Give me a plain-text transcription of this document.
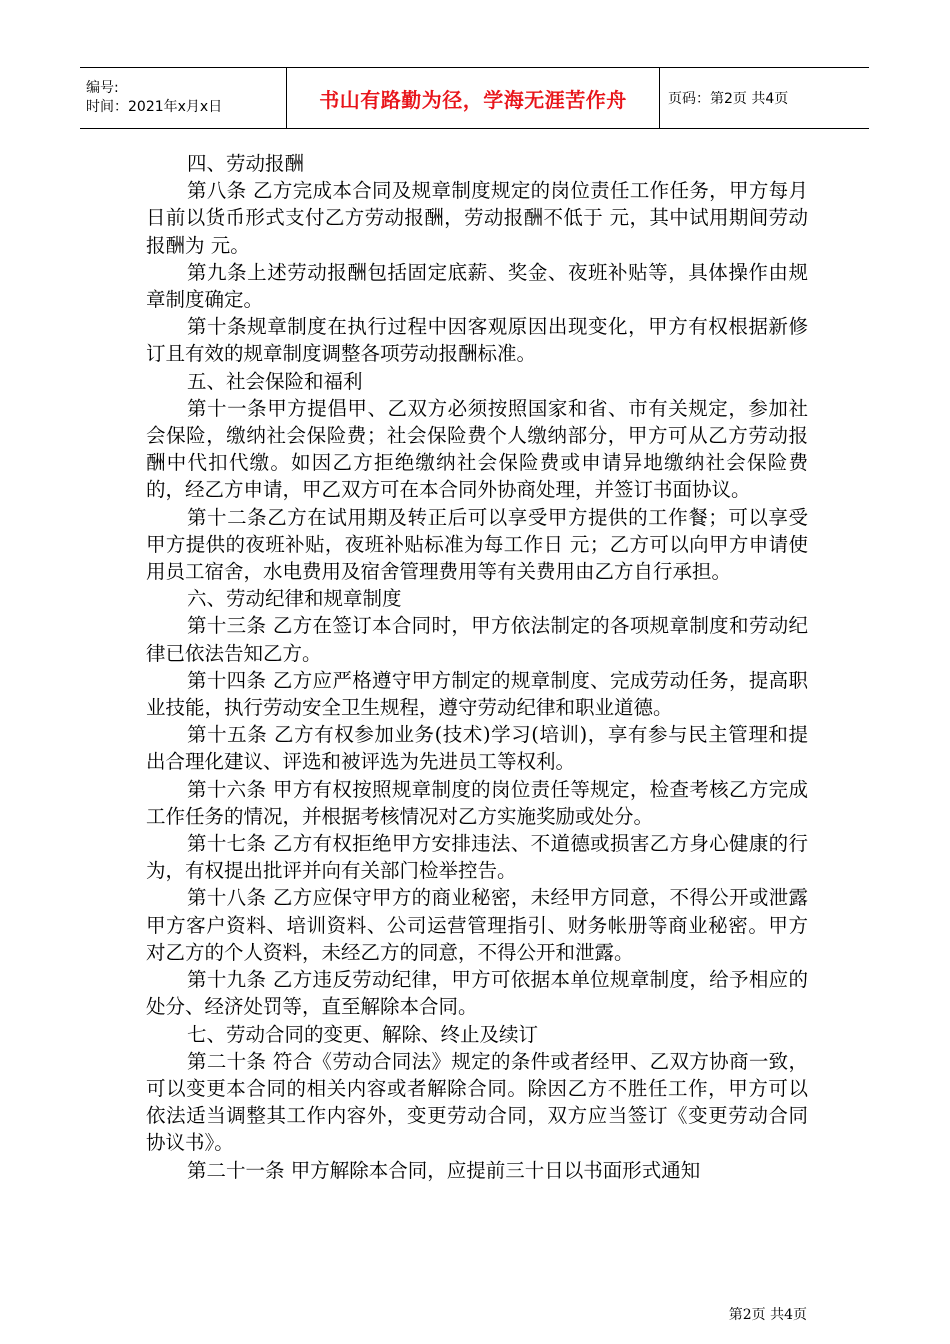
编号:
时间：2021年x月x日	书山有路勤为径，学海无涯苦作舟	页码：第2页 共4页

四、劳动报酬

第八条 乙方完成本合同及规章制度规定的岗位责任工作任务，甲方每月 日前以货币形式支付乙方劳动报酬，劳动报酬不低于 元，其中试用期间劳动报酬为 元。

第九条上述劳动报酬包括固定底薪、奖金、夜班补贴等，具体操作由规章制度确定。

第十条规章制度在执行过程中因客观原因出现变化，甲方有权根据新修订且有效的规章制度调整各项劳动报酬标准。

五、社会保险和福利

第十一条甲方提倡甲、乙双方必须按照国家和省、市有关规定，参加社会保险，缴纳社会保险费；社会保险费个人缴纳部分，甲方可从乙方劳动报酬中代扣代缴。如因乙方拒绝缴纳社会保险费或申请异地缴纳社会保险费的，经乙方申请，甲乙双方可在本合同外协商处理，并签订书面协议。

第十二条乙方在试用期及转正后可以享受甲方提供的工作餐；可以享受甲方提供的夜班补贴，夜班补贴标准为每工作日 元；乙方可以向甲方申请使用员工宿舍，水电费用及宿舍管理费用等有关费用由乙方自行承担。

六、劳动纪律和规章制度

第十三条 乙方在签订本合同时，甲方依法制定的各项规章制度和劳动纪律已依法告知乙方。

第十四条 乙方应严格遵守甲方制定的规章制度、完成劳动任务，提高职业技能，执行劳动安全卫生规程，遵守劳动纪律和职业道德。

第十五条 乙方有权参加业务(技术)学习(培训)，享有参与民主管理和提出合理化建议、评选和被评选为先进员工等权利。

第十六条 甲方有权按照规章制度的岗位责任等规定，检查考核乙方完成工作任务的情况，并根据考核情况对乙方实施奖励或处分。

第十七条 乙方有权拒绝甲方安排违法、不道德或损害乙方身心健康的行为，有权提出批评并向有关部门检举控告。

第十八条 乙方应保守甲方的商业秘密，未经甲方同意，不得公开或泄露甲方客户资料、培训资料、公司运营管理指引、财务帐册等商业秘密。甲方对乙方的个人资料，未经乙方的同意，不得公开和泄露。

第十九条 乙方违反劳动纪律，甲方可依据本单位规章制度，给予相应的处分、经济处罚等，直至解除本合同。

七、劳动合同的变更、解除、终止及续订

第二十条 符合《劳动合同法》规定的条件或者经甲、乙双方协商一致，可以变更本合同的相关内容或者解除合同。除因乙方不胜任工作，甲方可以依法适当调整其工作内容外，变更劳动合同，双方应当签订《变更劳动合同协议书》。

第二十一条 甲方解除本合同，应提前三十日以书面形式通知

第2页 共4页
